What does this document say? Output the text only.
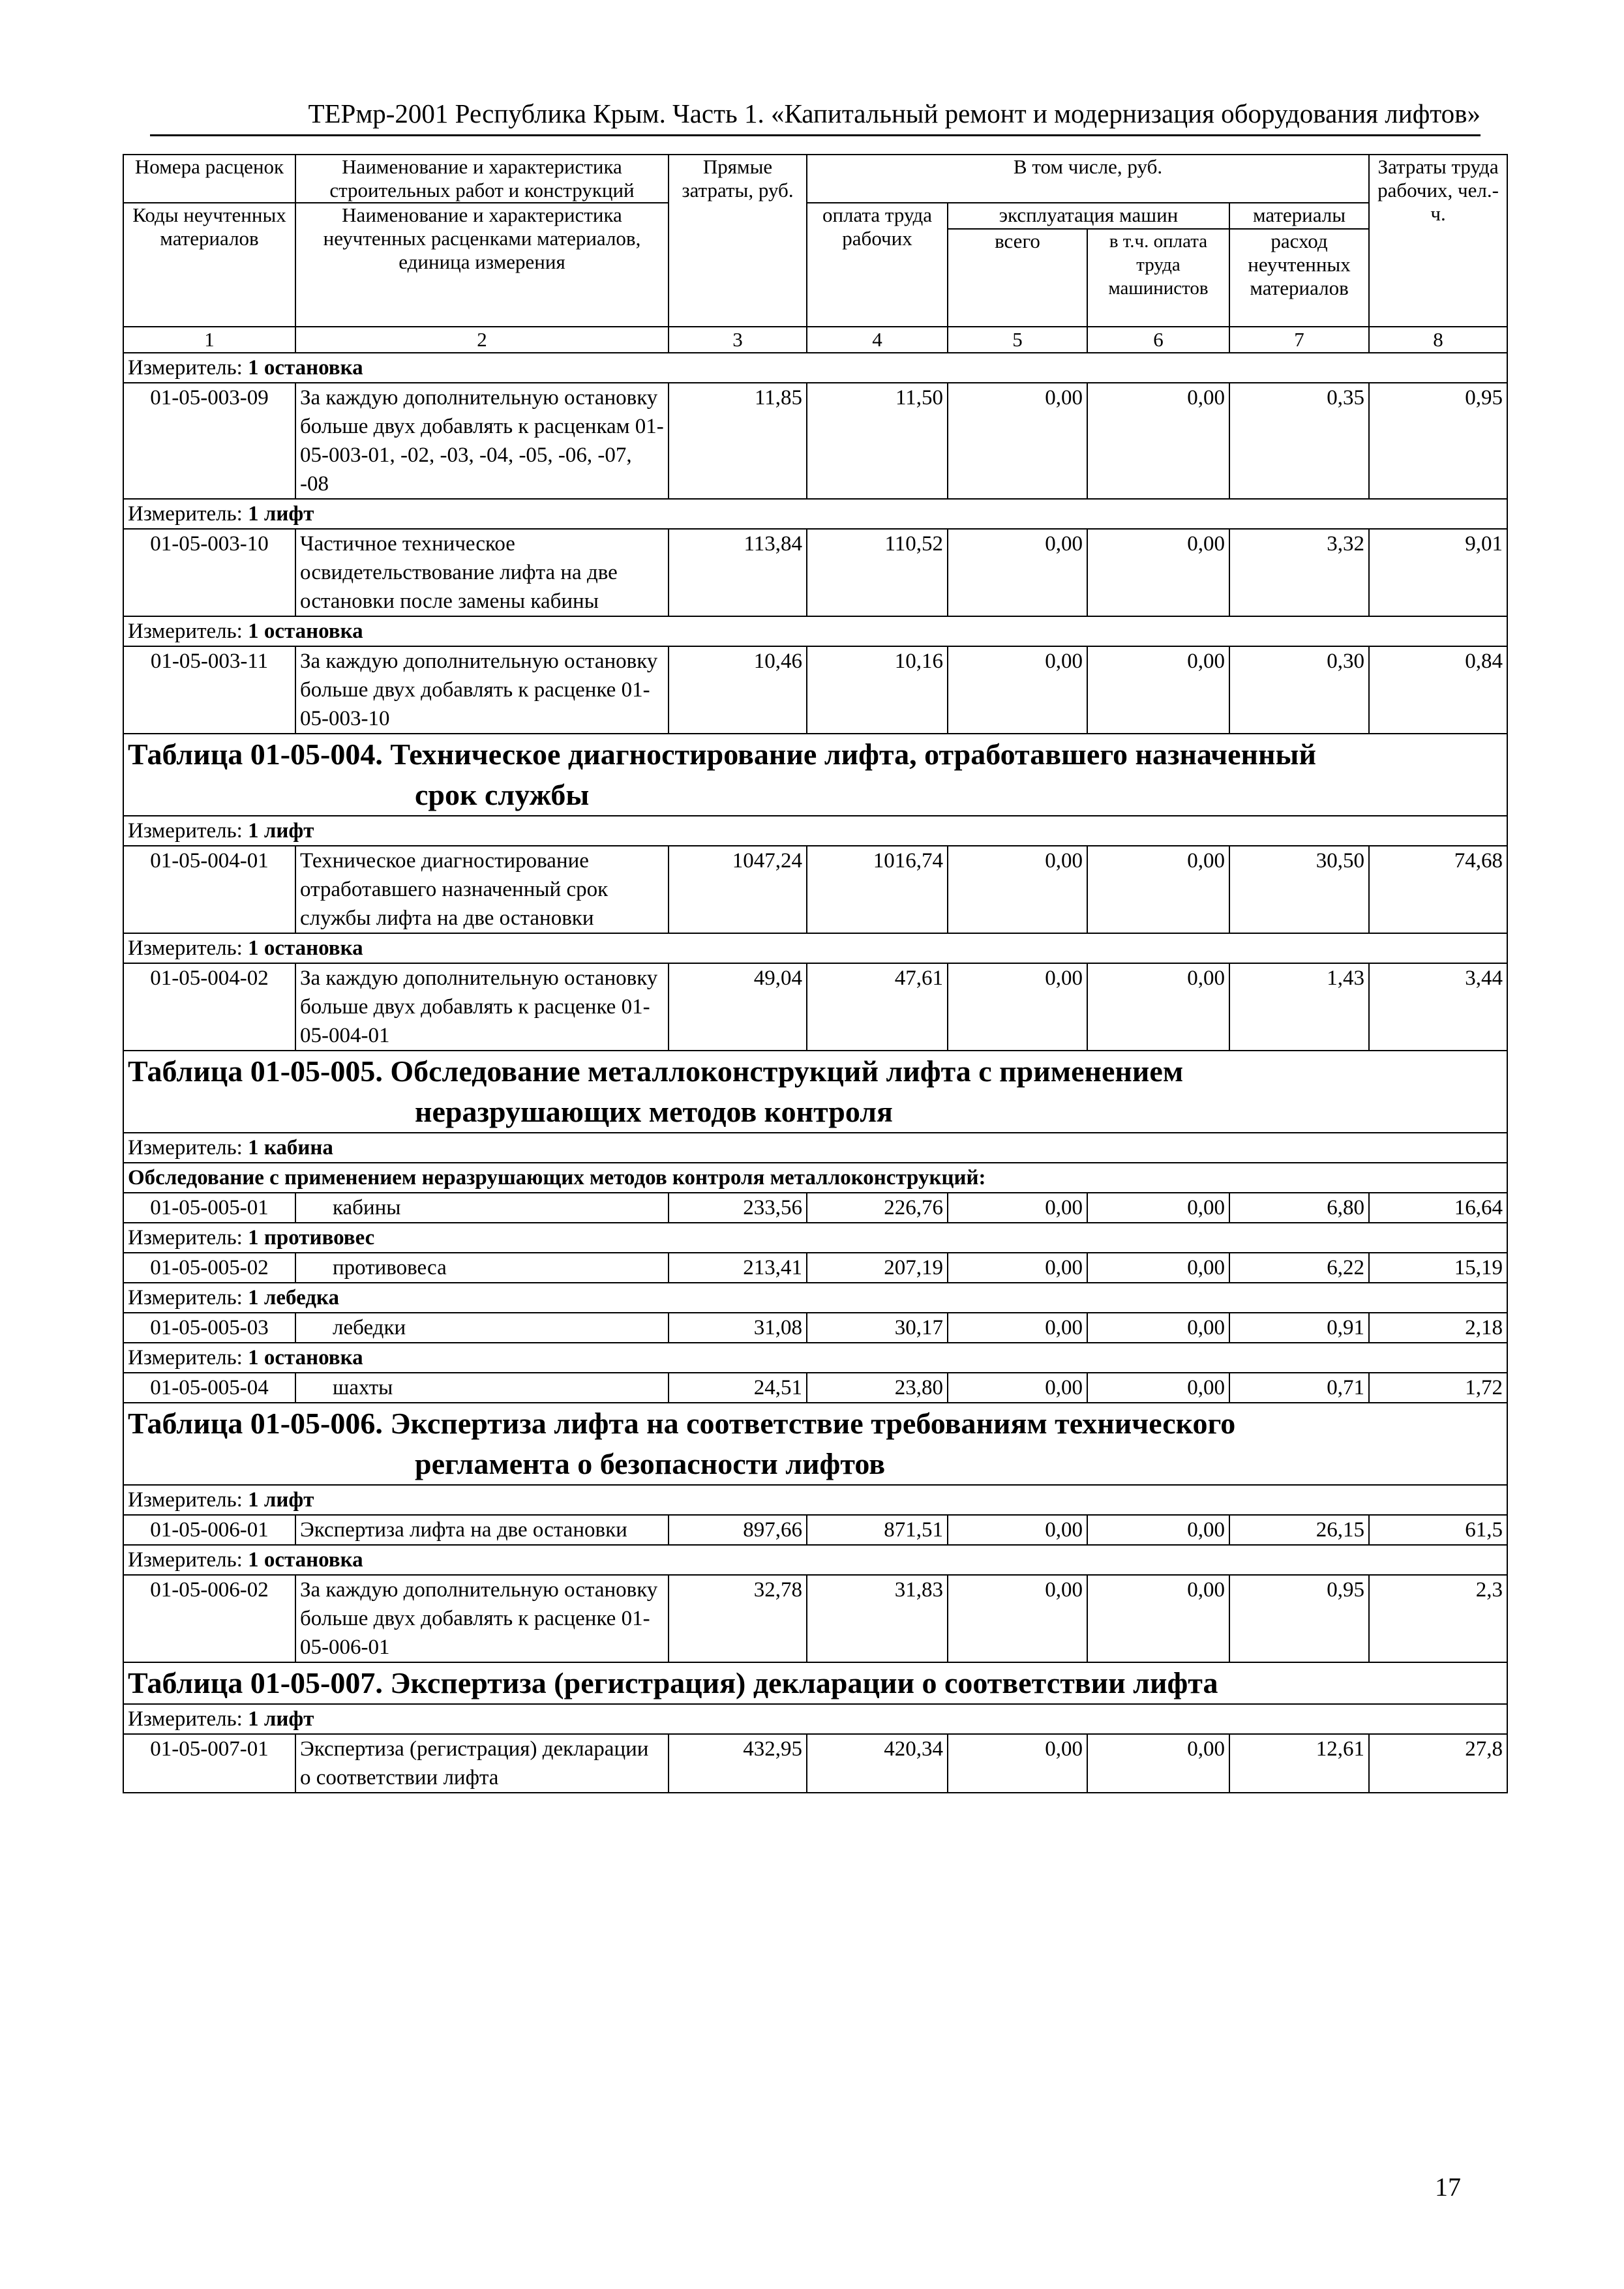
ТЕРмр-2001 Республика Крым. Часть 1. «Капитальный ремонт и модернизация оборудования лифтов»
Номера расценок	Наименование и характеристика строительных работ и конструкций	Прямые затраты, руб.	В том числе, руб.				Затраты труда рабочих, чел.-ч.
Коды неучтенных материалов	Наименование и характеристика неучтенных расценками материалов, единица измерения		оплата труда рабочих	эксплуатация машин		материалы	
				всего	в т.ч. оплата труда машинистов	расход неучтенных материалов	
1	2	3	4	5	6	7	8
Измеритель: 1 остановка							
01-05-003-09	За каждую дополнительную остановку больше двух добавлять к расценкам 01-05-003-01, -02, -03, -04, -05, -06, -07, -08	11,85	11,50	0,00	0,00	0,35	0,95
Измеритель: 1 лифт							
01-05-003-10	Частичное техническое освидетельствование лифта на две остановки после замены кабины	113,84	110,52	0,00	0,00	3,32	9,01
Измеритель: 1 остановка							
01-05-003-11	За каждую дополнительную остановку больше двух добавлять к расценке 01-05-003-10	10,46	10,16	0,00	0,00	0,30	0,84

Таблица 01-05-004. Техническое диагностирование лифта, отработавшего назначенный
срок службы							

Измеритель: 1 лифт							
01-05-004-01	Техническое диагностирование отработавшего назначенный срок службы лифта на две остановки	1047,24	1016,74	0,00	0,00	30,50	74,68
Измеритель: 1 остановка							
01-05-004-02	За каждую дополнительную остановку больше двух добавлять к расценке 01-05-004-01	49,04	47,61	0,00	0,00	1,43	3,44

Таблица 01-05-005. Обследование металлоконструкций лифта с применением
неразрушающих методов контроля							

Измеритель: 1 кабина							
Обследование с применением неразрушающих методов контроля металлоконструкций:							
01-05-005-01	кабины	233,56	226,76	0,00	0,00	6,80	16,64
Измеритель: 1 противовес							
01-05-005-02	противовеса	213,41	207,19	0,00	0,00	6,22	15,19
Измеритель: 1 лебедка							
01-05-005-03	лебедки	31,08	30,17	0,00	0,00	0,91	2,18
Измеритель: 1 остановка							
01-05-005-04	шахты	24,51	23,80	0,00	0,00	0,71	1,72

Таблица 01-05-006. Экспертиза лифта на соответствие требованиям технического
регламента о безопасности лифтов							

Измеритель: 1 лифт							
01-05-006-01	Экспертиза лифта на две остановки	897,66	871,51	0,00	0,00	26,15	61,5
Измеритель: 1 остановка							
01-05-006-02	За каждую дополнительную остановку больше двух добавлять к расценке 01-05-006-01	32,78	31,83	0,00	0,00	0,95	2,3

Таблица 01-05-007. Экспертиза (регистрация) декларации о соответствии лифта							

Измеритель: 1 лифт							
01-05-007-01	Экспертиза (регистрация) декларации о соответствии лифта	432,95	420,34	0,00	0,00	12,61	27,8
17
